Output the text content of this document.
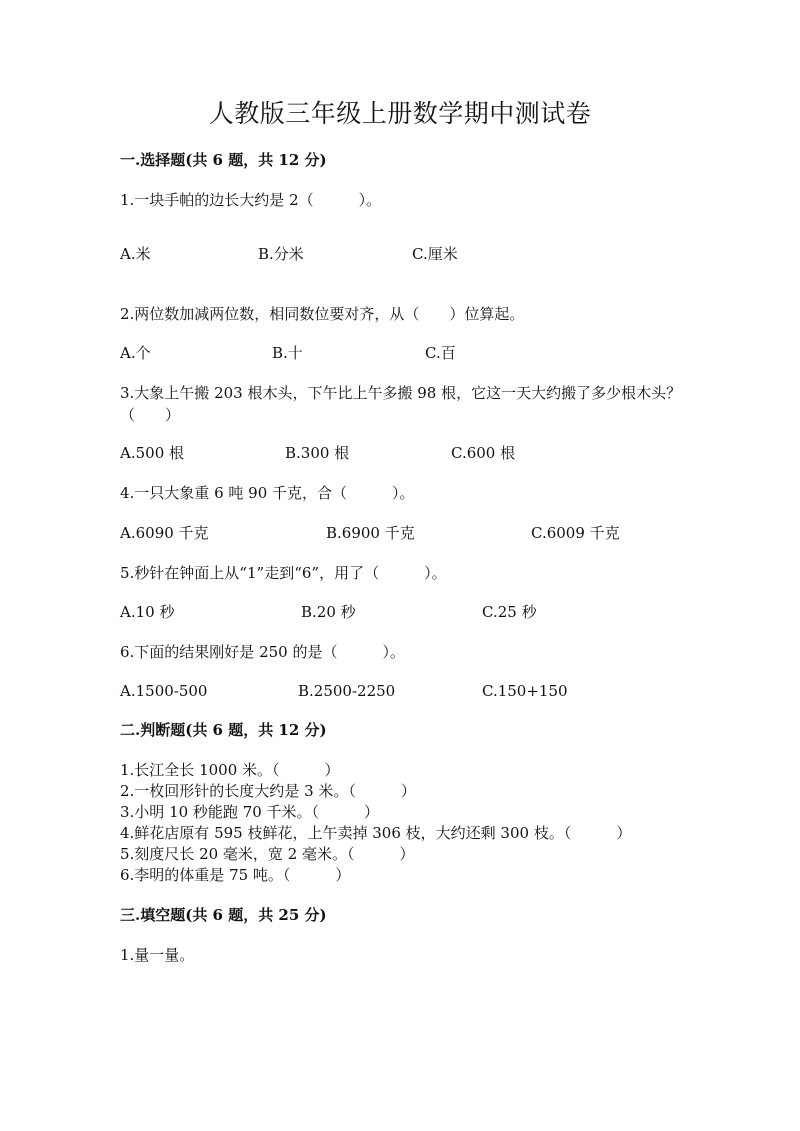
人教版三年级上册数学期中测试卷
一.选择题(共 6 题，共 12 分)
1.一块手帕的边长大约是 2（　　　）。
A.米	B.分米	C.厘米
2.两位数加减两位数，相同数位要对齐，从（　　）位算起。
A.个	B.十	C.百
3.大象上午搬 203 根木头，下午比上午多搬 98 根，它这一天大约搬了多少根木头？（　　）
A.500 根	B.300 根	C.600 根
4.一只大象重 6 吨 90 千克，合（　　　）。
A.6090 千克	B.6900 千克	C.6009 千克
5.秒针在钟面上从“1”走到“6”，用了（　　　）。
A.10 秒	B.20 秒	C.25 秒
6.下面的结果刚好是 250 的是（　　　）。
A.1500-500	B.2500-2250	C.150+150
二.判断题(共 6 题，共 12 分)
1.长江全长 1000 米。（　　　）
2.一枚回形针的长度大约是 3 米。（　　　）
3.小明 10 秒能跑 70 千米。（　　　）
4.鲜花店原有 595 枝鲜花，上午卖掉 306 枝，大约还剩 300 枝。（　　　）
5.刻度尺长 20 毫米，宽 2 毫米。（　　　）
6.李明的体重是 75 吨。（　　　）
三.填空题(共 6 题，共 25 分)
1.量一量。
